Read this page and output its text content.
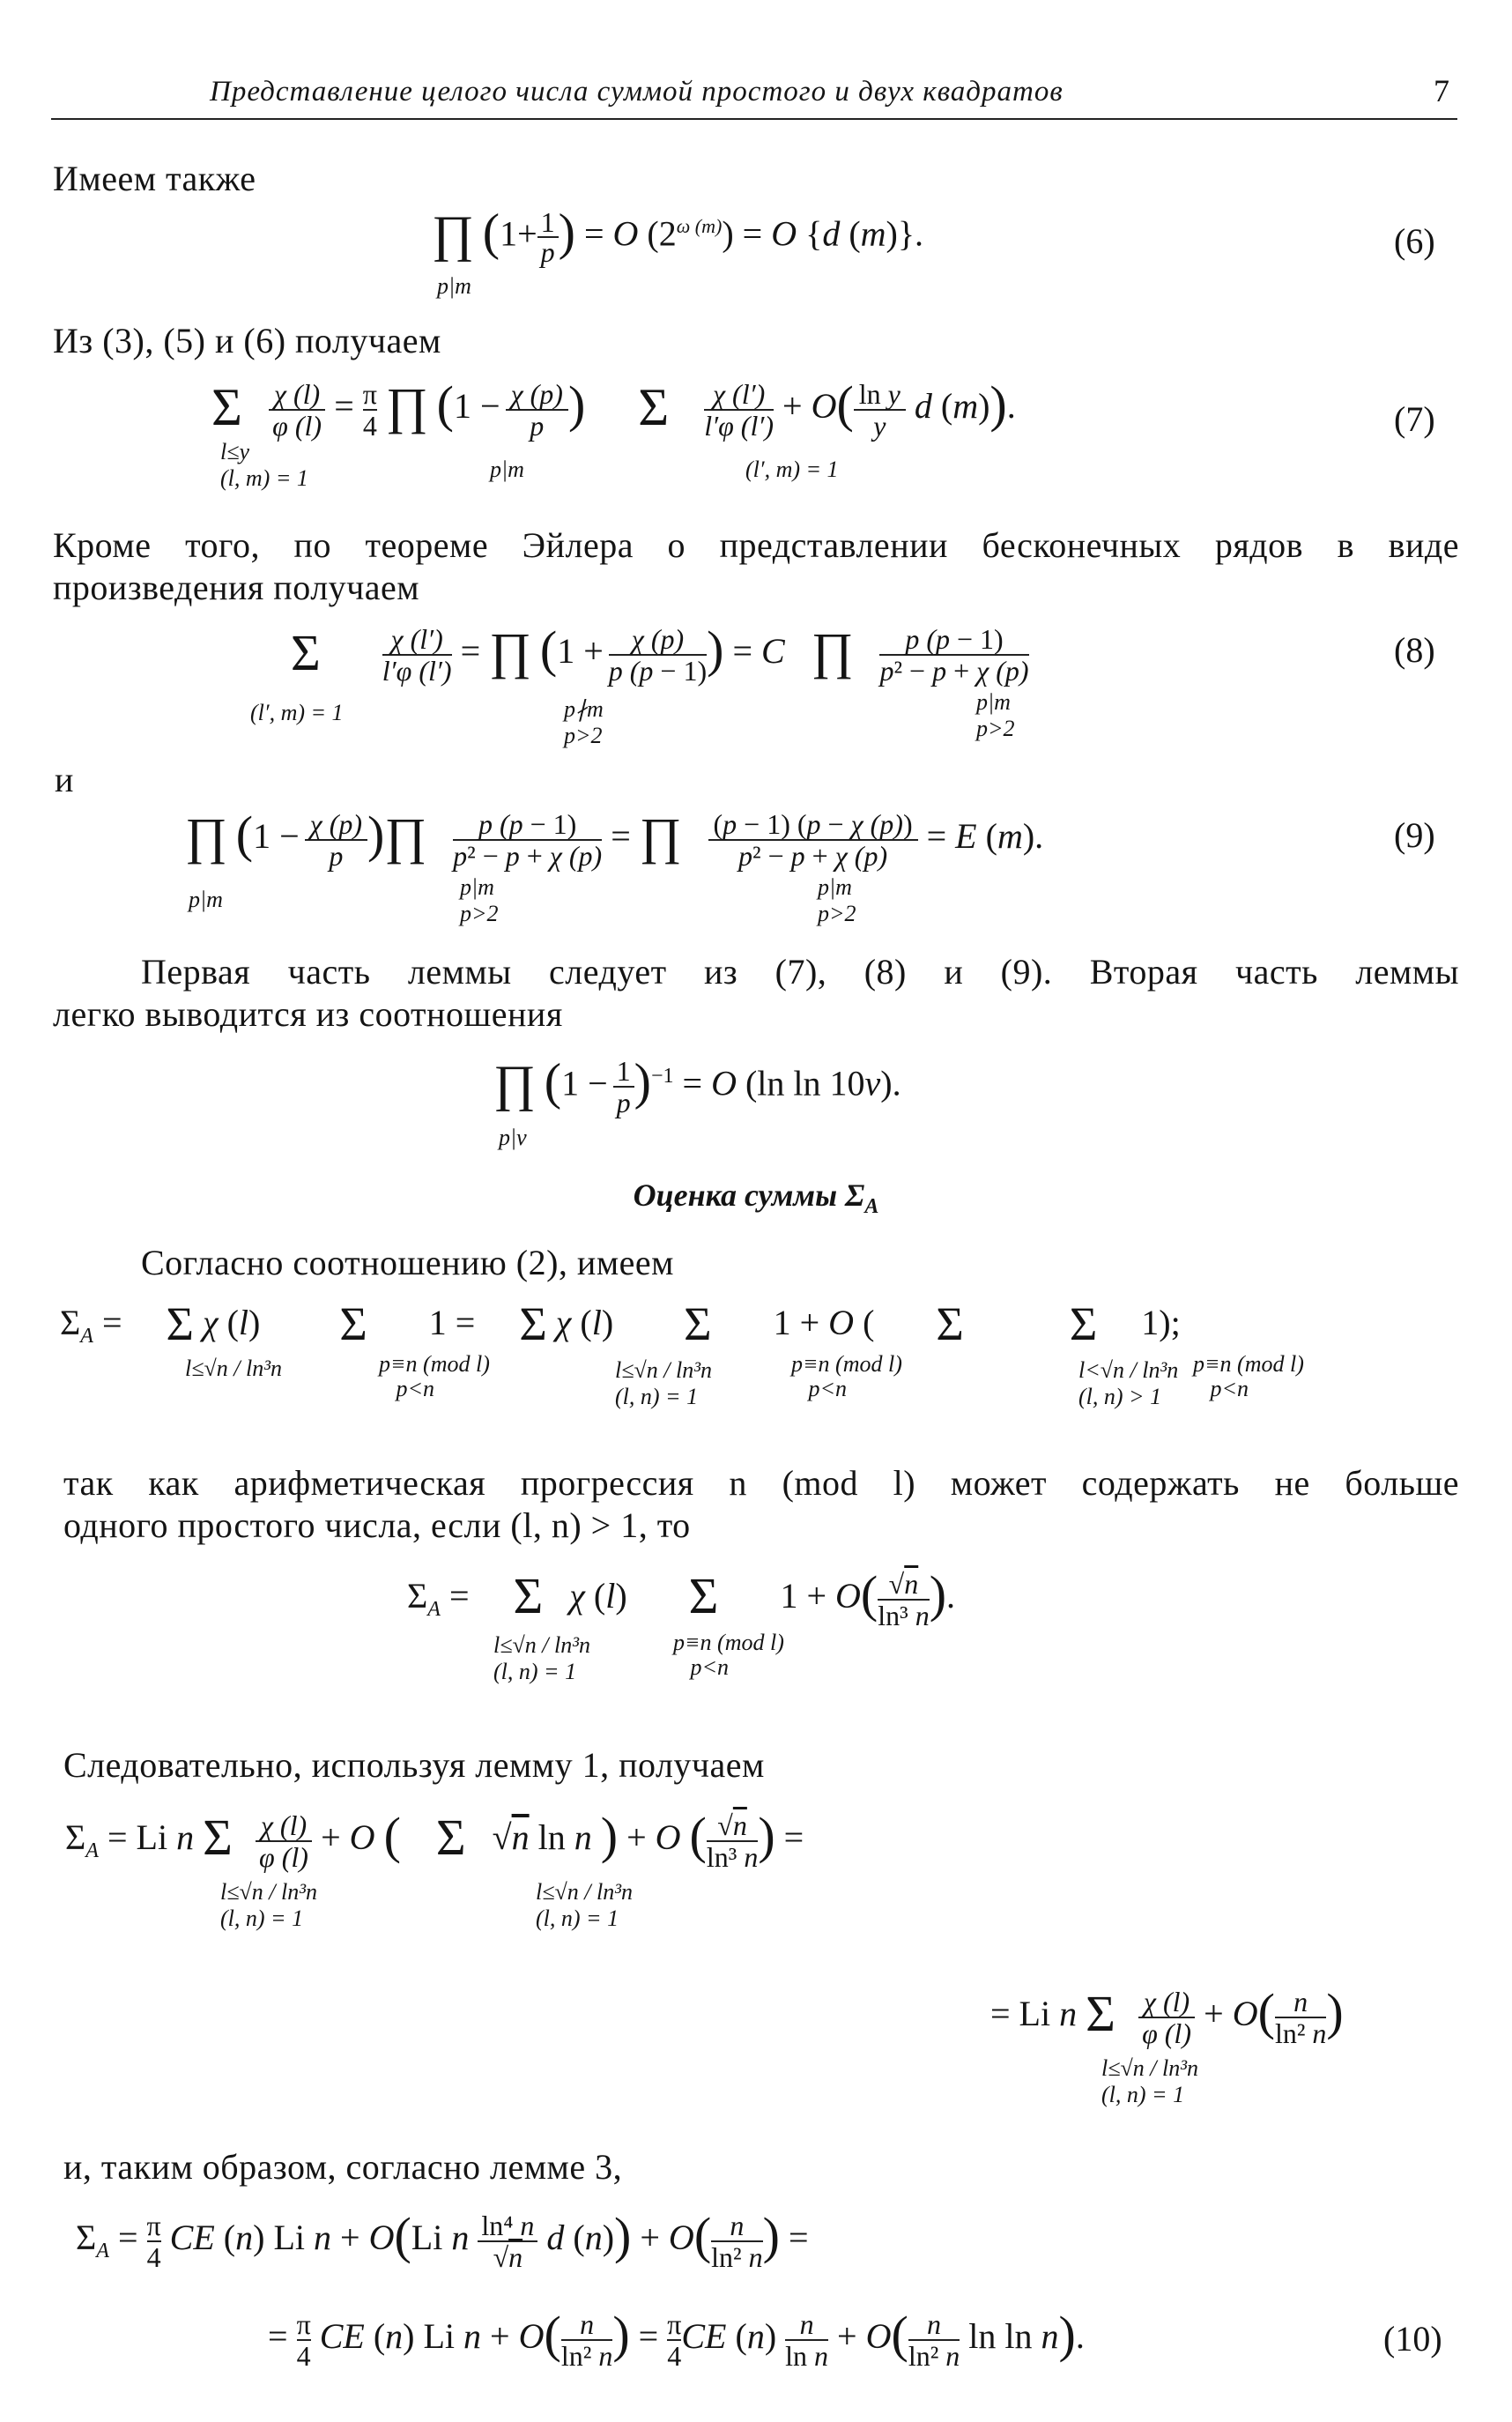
Представление целого числа суммой простого и двух квадратов	7
Имеем также
∏ $(1+ \frac{1}{p}) = O$ $(2^{\omega (m)}) = O$ {d (m)}.
p|m
(6)
Из (3), (5) и (6) получаем
Σ $\frac{\chi (l)}{\varphi (l)} = \pi$
4 ∏ $(1 - \frac{\chi (p)}{p})$ Σ $\frac{\chi (l')}{l'\varphi (l')} + O( \frac{\text{ln y}}{y}$ d (m)).
l≤y
(l, m) = 1	p|m	(l′, m) = 1
(7)
Кроме того, по теореме Эйлера о представлении бесконечных рядов в виде
произведения получаем
Σ $\frac{\chi (l')}{l'\varphi (l')}$ = ∏ (1 + χ (p)
p (p − 1)) = C ∏	p (p − 1)
p² − p + χ (p)
(l′, m) = 1	p∤m
p>2
p|m
p>2
(8)
и
∏ $(1 - \frac{\chi (p)}{p})\prod$	p (p − 1)
p² − p + χ (p) = ∏ (p − 1) (p − χ (p))
p² − p + χ (p) = E (m).
p|m	p|m
p>2
p|m
p>2
(9)
Первая часть леммы следует из (7), (8) и (9). Вторая часть леммы
легко выводится из соотношения
∏ $(1 - \frac{1}{p})^{-1} = O$ (ln ln 10ν).
p|ν
Оценка суммы $\Sigma_A$
Согласно соотношению (2), имеем
$\Sigma_A = \Sigma$ χ (l) Σ 1 = Σ χ (l) Σ 1 + O ( Σ Σ 1);
l≤√n / ln³n	p≡n (mod l)
p<n
l≤√n / ln³n
(l, n) = 1
p≡n (mod l)
p<n
l<√n / ln³n
(l, n) > 1
p≡n (mod l)
p<n
так как арифметическая прогрессия n (mod l) может содержать не больше
одного простого числа, если (l, n) > 1, то
$\Sigma_A = \Sigma$ χ (l) Σ 1 + O( √n
ln³ n).
l≤√n / ln³n
(l, n) = 1
p≡n (mod l)
p<n
Следовательно, используя лемму 1, получаем
$\Sigma_A = Li$ n Σ $\frac{\chi (l)}{\varphi (l)} + O$ ( Σ √n ln n ) + O ( √n
ln³ n) =
l≤√n / ln³n
(l, n) = 1
l≤√n / ln³n
(l, n) = 1
= Li n Σ $\frac{\chi (l)}{\varphi (l)} + O$( n
ln² n)
l≤√n / ln³n
(l, n) = 1
и, таким образом, согласно лемме 3,
$\Sigma_A = \pi$
4 CE (n) Li n + O(Li n ln⁴ n
√n d (n)) + O( n
ln² n) =
= π
4 CE (n) Li n + O( n
ln² n) = π
4CE (n) n
ln n + O( n
ln² n ln ln n).	(10)
